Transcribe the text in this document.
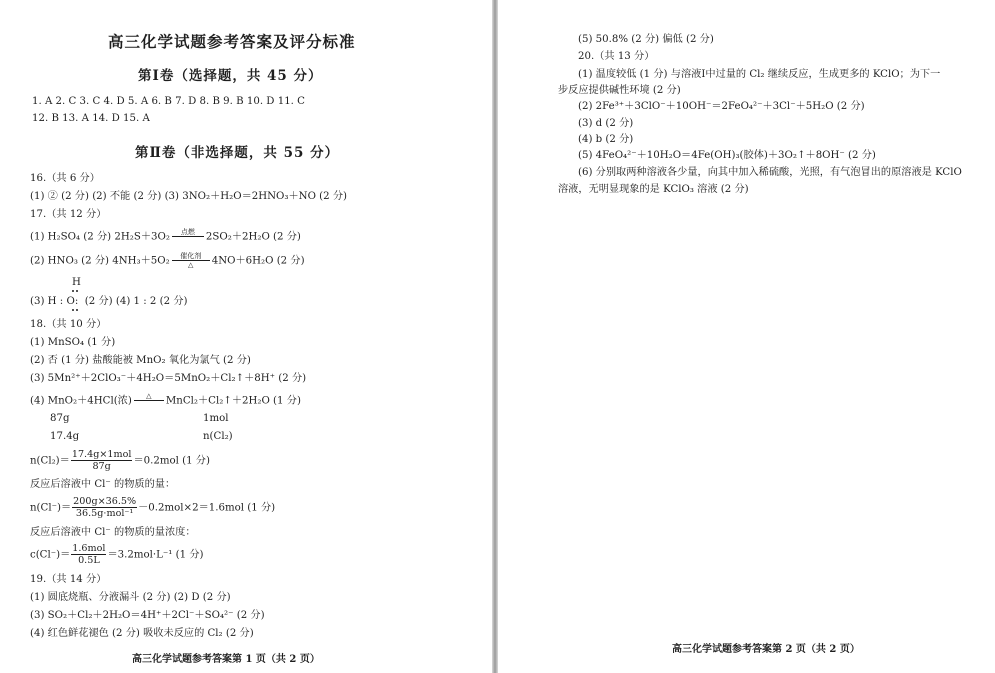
高三化学试题参考答案及评分标准
第Ⅰ卷（选择题，共 45 分）
1. A 2. C 3. C 4. D 5. A 6. B 7. D 8. B 9. B 10. D 11. C
12. B 13. A 14. D 15. A
第Ⅱ卷（非选择题，共 55 分）
16.（共 6 分）
(1) ② (2 分) (2) 不能 (2 分) (3) 3NO₂＋H₂O＝2HNO₃＋NO (2 分)
17.（共 12 分）
(1) H₂SO₄ (2 分) 2H₂S＋3O₂	点燃
	2SO₂＋2H₂O (2 分)
(2) HNO₃ (2 分) 4NH₃＋5O₂	催化剂
△	4NO＋6H₂O (2 分)
H
(3) H : O:  (2 分) (4) 1 : 2 (2 分)
18.（共 10 分）
(1) MnSO₄ (1 分)
(2) 否 (1 分) 盐酸能被 MnO₂ 氧化为氯气 (2 分)
(3) 5Mn²⁺＋2ClO₃⁻＋4H₂O＝5MnO₂＋Cl₂↑＋8H⁺ (2 分)
(4) MnO₂＋4HCl(浓)	△
	MnCl₂＋Cl₂↑＋2H₂O (1 分)
87g	1mol
17.4g	n(Cl₂)
$n(Cl_2)= \frac{\text{17.4g×1mol}}{87g} =0.2mol$ (1 分)
反应后溶液中 Cl⁻ 的物质的量：
$n(Cl^-)= \frac{200g\times 36.5\%}{\text{36.5g·mol⁻¹}} -0.2mol\times 2=1.6mol$ (1 分)
反应后溶液中 Cl⁻ 的物质的量浓度：
$c(Cl^-)= \frac{\text{1.6mol}}{0.5L} =3.2mol\cdot L^{-1}$ (1 分)
19.（共 14 分）
(1) 圆底烧瓶、分液漏斗 (2 分) (2) D (2 分)
(3) SO₂＋Cl₂＋2H₂O＝4H⁺＋2Cl⁻＋SO₄²⁻ (2 分)
(4) 红色鲜花褪色 (2 分) 吸收未反应的 Cl₂ (2 分)
高三化学试题参考答案第 1 页（共 2 页）
(5) 50.8% (2 分) 偏低 (2 分)
20.（共 13 分）
(1) 温度较低 (1 分) 与溶液Ⅰ中过量的 Cl₂ 继续反应，生成更多的 KClO；为下一
步反应提供碱性环境 (2 分)
(2) 2Fe³⁺＋3ClO⁻＋10OH⁻＝2FeO₄²⁻＋3Cl⁻＋5H₂O (2 分)
(3) d (2 分)
(4) b (2 分)
(5) 4FeO₄²⁻＋10H₂O＝4Fe(OH)₃(胶体)＋3O₂↑＋8OH⁻ (2 分)
(6) 分别取两种溶液各少量，向其中加入稀硫酸，光照，有气泡冒出的原溶液是 KClO
溶液，无明显现象的是 KClO₃ 溶液 (2 分)
高三化学试题参考答案第 2 页（共 2 页）
